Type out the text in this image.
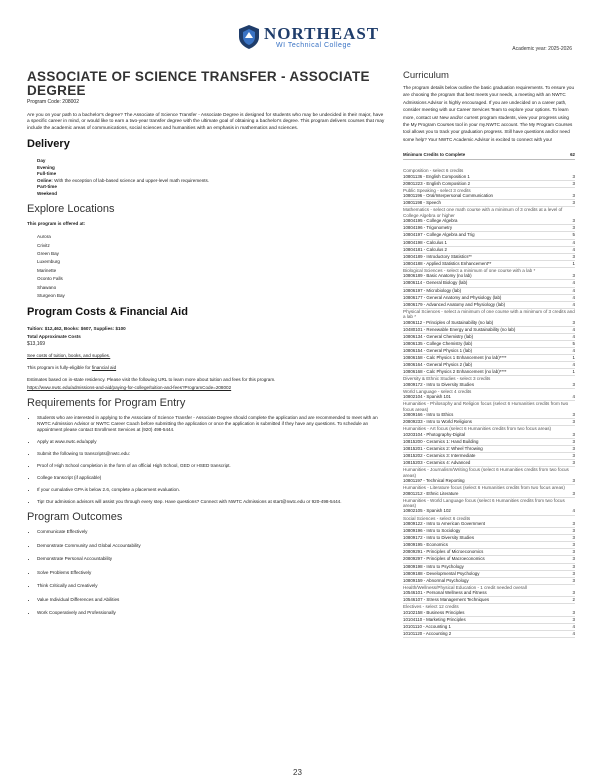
NORTHEAST
WI Technical College	Academic year: 2025-2026
ASSOCIATE OF SCIENCE TRANSFER - ASSOCIATE DEGREE
Program Code: 208002

Are you on your path to a bachelor's degree? The Associate of Science Transfer - Associate Degree is designed for students who may be undecided in their major, have a specific career in mind, or would like to earn a two-year transfer degree with the ultimate goal of obtaining a bachelor's degree. This program delivers courses that may include the academic areas of communications, social sciences and humanities with an emphasis in mathematics and sciences.

Delivery
Day
Evening
Full-time
Online: With the exception of lab-based science and upper-level math requirements.
Part-time
Weekend
Explore Locations
This program is offered at:
Aurora
Crivitz
Green Bay
Luxemburg
Marinette
Oconto Falls
Shawano
Sturgeon Bay
Program Costs & Financial Aid
Tuition: $12,462, Books: $607, Supplies: $100
Total Approximate Costs
$13,169
See costs of tuition, books, and supplies.
This program is fully-eligible for financial aid
Estimates based on in-state residency. Please visit the following URL to learn more about tuition and fees for this program.
https://www.nwtc.edu/admissions-and-aid/paying-for-college/tuition-and-fees?ProgramCode=208002
Requirements for Program Entry
• Students who are interested in applying to the Associate of Science Transfer - Associate Degree should complete the application and are recommended to meet with an NWTC Admission Advisor or NWTC Career Coach before submitting the application or once the application is submitted if they have any questions. To schedule an appointment please contact Enrollment Services at (920) 498-5444.
• Apply at www.nwtc.edu/apply
• Submit the following to transcripts@nwtc.edu:
• Proof of High School completion in the form of an official High School, GED or HSED transcript.
• College transcript (if applicable)
• If your cumulative GPA is below 2.6, complete a placement evaluation.
• Tip! Our admission advisors will assist you through every step. Have questions? Connect with NWTC Admissions at start@nwtc.edu or 920-498-5444.
Program Outcomes
• Communicate Effectively
• Demonstrate Community and Global Accountability
• Demonstrate Personal Accountability
• Solve Problems Effectively
• Think Critically and Creatively
• Value Individual Differences and Abilities
• Work Cooperatively and Professionally
Curriculum
The program details below outline the basic graduation requirements. To ensure you are choosing the program that best meets your needs, a meeting with an NWTC Admissions Advisor is highly encouraged. If you are undecided on a career path, consider meeting with our Career Services Team to explore your options. To learn more, contact us! New and/or current program students, view your progress using the My Program Courses tool in your my.NWTC account. The My Program Courses tool allows you to track your graduation progress. Still have questions and/or need some help? Your NWTC Academic Advisor is excited to connect with you!
Minimum Credits to Complete	62
Composition - select 6 credits
10801136 - English Composition 1	3
20801223 - English Composition 2	3
Public Speaking - select 3 credits
10801196 - Oral/Interpersonal Communication	3
10801198 - Speech	3
Mathematics - select one math course with a minimum of 3 credits at a level of College Algebra or higher
10804195 - College Algebra	3
10804196 - Trigonometry	3
10804197 - College Algebra and Trig	5
10804198 - Calculus 1	4
10804181 - Calculus 2	4
10804189 - Introductory Statistics**	3
10804188 - Applied Statistics Enhancement**	1
Biological Sciences - select a minimum of one course with a lab *
10806189 - Basic Anatomy (no lab)	3
10806114 - General Biology (lab)	4
10806197 - Microbiology (lab)	4
10806177 - General Anatomy and Physiology (lab)	4
10806179 - Advanced Anatomy and Physiology (lab)	4
Physical Sciences - select a minimum of one course with a minimum of 3 credits and a lab *
10806112 - Principles of Sustainability (no lab)	3
10480101 - Renewable Energy and Sustainability (no lab)	4
10806134 - General Chemistry (lab)	4
10806135 - College Chemistry (lab)	5
10806154 - General Physics 1 (lab)	4
10806158 - Calc Physics 1 Enhancement (no lab)****	1
10806164 - General Physics 2 (lab)	4
10806168 - Calc Physics 2 Enhancement (no lab)****	1
Diversity & Ethnic Studies - select 3 credits
10809172 - Intro to Diversity Studies	3
World Language - select 4 credits
10802104 - Spanish 101	4
Humanities - Philosophy and Religion focus (select 6 Humanities credits from two focus areas)
10809166 - Intro to Ethics	3
20809233 - Intro to World Religions	3
Humanities - Art focus (select 6 Humanities credits from two focus areas)
10203104 - Photography-Digital	3
10815200 - Ceramics 1: Hand Building	3
10815201 - Ceramics 2: Wheel Throwing	3
10815202 - Ceramics 3: Intermediate	3
10815203 - Ceramics 4: Advanced	3
Humanities - Journalism/Writing focus (select 6 Humanities credits from two focus areas)
10801197 - Technical Reporting	3
Humanities - Literature focus (select 6 Humanities credits from two focus areas)
20801212 - Ethnic Literature	3
Humanities - World Language focus (select 6 Humanities credits from two focus areas)
10802105 - Spanish 102	4
Social Sciences - select 6 credits
10809122 - Intro to American Government	3
10809196 - Intro to Sociology	3
10809172 - Intro to Diversity Studies	3
10809195 - Economics	3
20809291 - Principles of Microeconomics	3
20809297 - Principles of Macroeconomics	3
10809198 - Intro to Psychology	3
10809188 - Developmental Psychology	3
10809159 - Abnormal Psychology	3
Health/Wellness/Physical Education - 1 credit needed overall
10546101 - Personal Wellness and Fitness	3
10546107 - Stress Management Techniques	2
Electives - select 12 credits
10102158 - Business Principles	3
10104110 - Marketing Principles	3
10101110 - Accounting 1	4
10101120 - Accounting 2	4
23
